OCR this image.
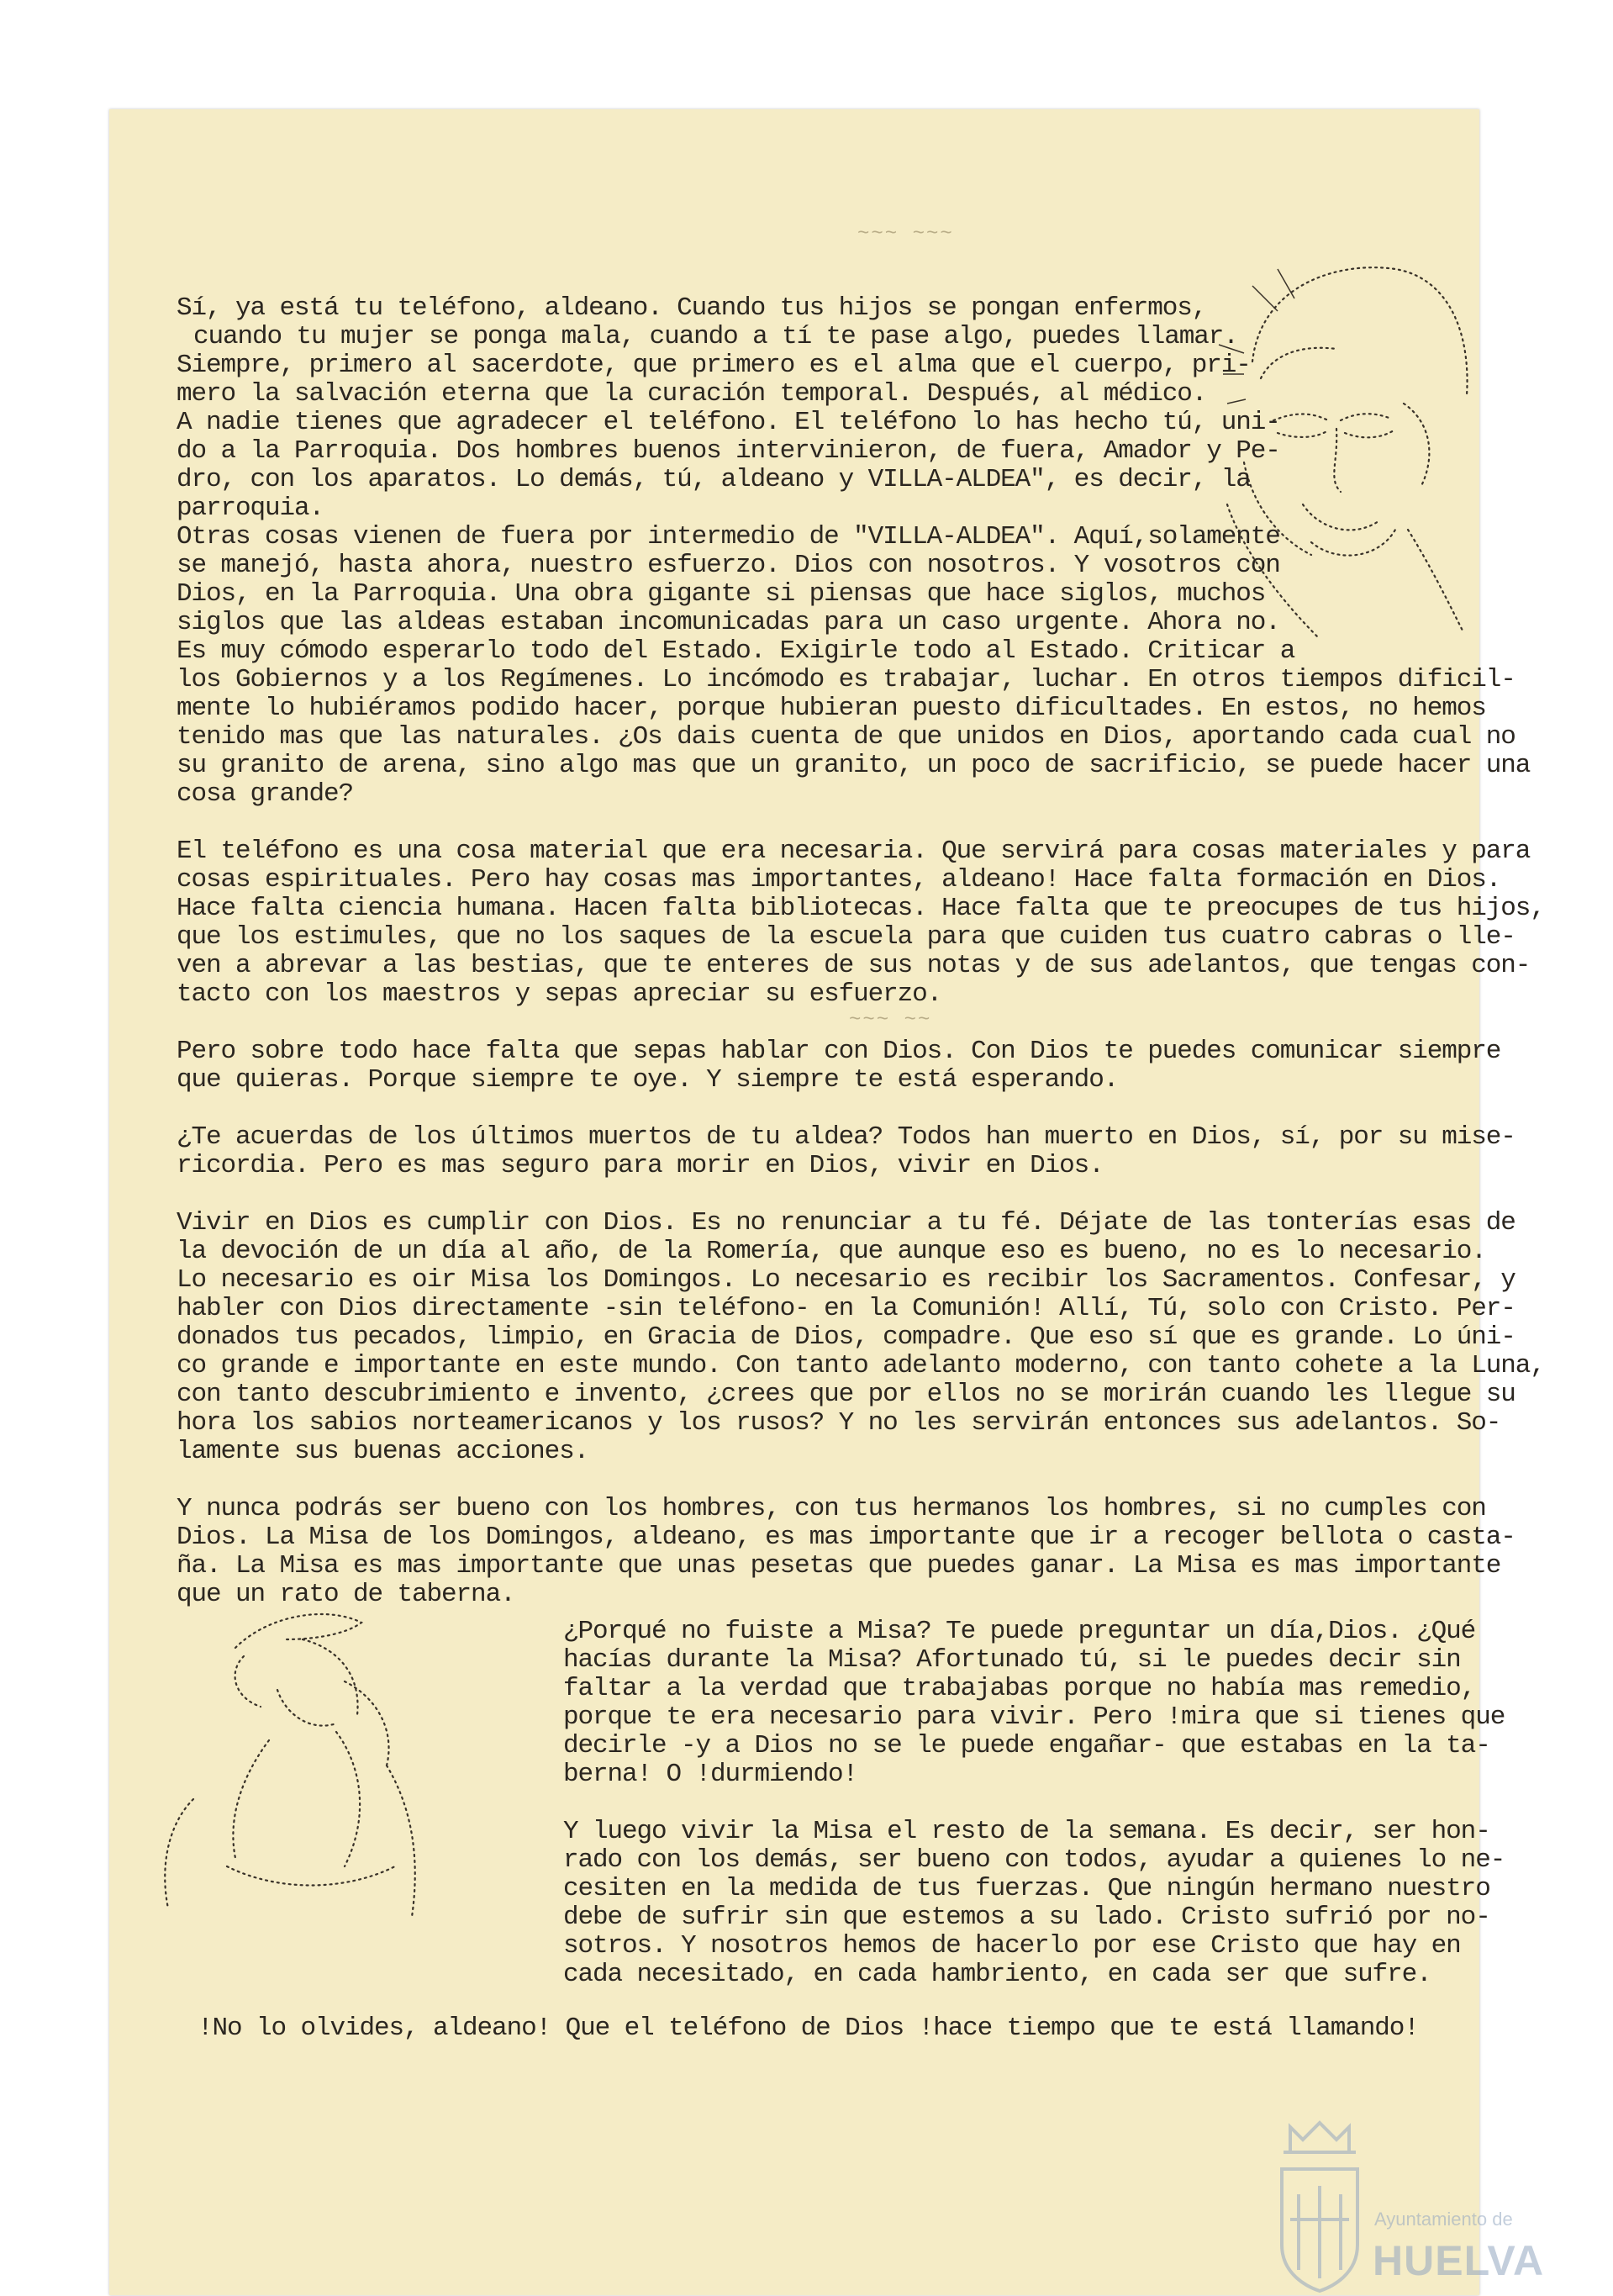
~~~ ~~~
~~~ ~~
Sí, ya está tu teléfono, aldeano. Cuando tus hijos se pongan enfermos,
cuando tu mujer se ponga mala, cuando a tí te pase algo, puedes llamar.
Siempre, primero al sacerdote, que primero es el alma que el cuerpo, pri-
mero la salvación eterna que la curación temporal. Después, al médico.
A nadie tienes que agradecer el teléfono. El teléfono lo has hecho tú, uni-
do a la Parroquia. Dos hombres buenos intervinieron, de fuera, Amador y Pe-
dro, con los aparatos. Lo demás, tú, aldeano y VILLA-ALDEA", es decir, la
parroquia.
Otras cosas vienen de fuera por intermedio de "VILLA-ALDEA". Aquí,solamente
se manejó, hasta ahora, nuestro esfuerzo. Dios con nosotros. Y vosotros con
Dios, en la Parroquia. Una obra gigante si piensas que hace siglos, muchos
siglos que las aldeas estaban incomunicadas para un caso urgente. Ahora no.
Es muy cómodo esperarlo todo del Estado. Exigirle todo al Estado. Criticar a
los Gobiernos y a los Regímenes. Lo incómodo es trabajar, luchar. En otros tiempos dificil-
mente lo hubiéramos podido hacer, porque hubieran puesto dificultades. En estos, no hemos
tenido mas que las naturales. ¿Os dais cuenta de que unidos en Dios, aportando cada cual no
su granito de arena, sino algo mas que un granito, un poco de sacrificio, se puede hacer una
cosa grande?
El teléfono es una cosa material que era necesaria. Que servirá para cosas materiales y para
cosas espirituales. Pero hay cosas mas importantes, aldeano! Hace falta formación en Dios.
Hace falta ciencia humana. Hacen falta bibliotecas. Hace falta que te preocupes de tus hijos,
que los estimules, que no los saques de la escuela para que cuiden tus cuatro cabras o lle-
ven a abrevar a las bestias, que te enteres de sus notas y de sus adelantos, que tengas con-
tacto con los maestros y sepas apreciar su esfuerzo.
Pero sobre todo hace falta que sepas hablar con Dios. Con Dios te puedes comunicar siempre
que quieras. Porque siempre te oye. Y siempre te está esperando.
¿Te acuerdas de los últimos muertos de tu aldea? Todos han muerto en Dios, sí, por su mise-
ricordia. Pero es mas seguro para morir en Dios, vivir en Dios.
Vivir en Dios es cumplir con Dios. Es no renunciar a tu fé. Déjate de las tonterías esas de
la devoción de un día al año, de la Romería, que aunque eso es bueno, no es lo necesario.
Lo necesario es oir Misa los Domingos. Lo necesario es recibir los Sacramentos. Confesar, y
habler con Dios directamente -sin teléfono- en la Comunión! Allí, Tú, solo con Cristo. Per-
donados tus pecados, limpio, en Gracia de Dios, compadre. Que eso sí que es grande. Lo úni-
co grande e importante en este mundo. Con tanto adelanto moderno, con tanto cohete a la Luna,
con tanto descubrimiento e invento, ¿crees que por ellos no se morirán cuando les llegue su
hora los sabios norteamericanos y los rusos? Y no les servirán entonces sus adelantos. So-
lamente sus buenas acciones.
Y nunca podrás ser bueno con los hombres, con tus hermanos los hombres, si no cumples con
Dios. La Misa de los Domingos, aldeano, es mas importante que ir a recoger bellota o casta-
ña. La Misa es mas importante que unas pesetas que puedes ganar. La Misa es mas importante
que un rato de taberna.
¿Porqué no fuiste a Misa? Te puede preguntar un día,Dios. ¿Qué
hacías durante la Misa? Afortunado tú, si le puedes decir sin
faltar a la verdad que trabajabas porque no había mas remedio,
porque te era necesario para vivir. Pero !mira que si tienes que
decirle -y a Dios no se le puede engañar- que estabas en la ta-
berna! O !durmiendo!
Y luego vivir la Misa el resto de la semana. Es decir, ser hon-
rado con los demás, ser bueno con todos, ayudar a quienes lo ne-
cesiten en la medida de tus fuerzas. Que ningún hermano nuestro
debe de sufrir sin que estemos a su lado. Cristo sufrió por no-
sotros. Y nosotros hemos de hacerlo por ese Cristo que hay en
cada necesitado, en cada hambriento, en cada ser que sufre.
!No lo olvides, aldeano! Que el teléfono de Dios !hace tiempo que te está llamando!
Ayuntamiento de
HUELVA
